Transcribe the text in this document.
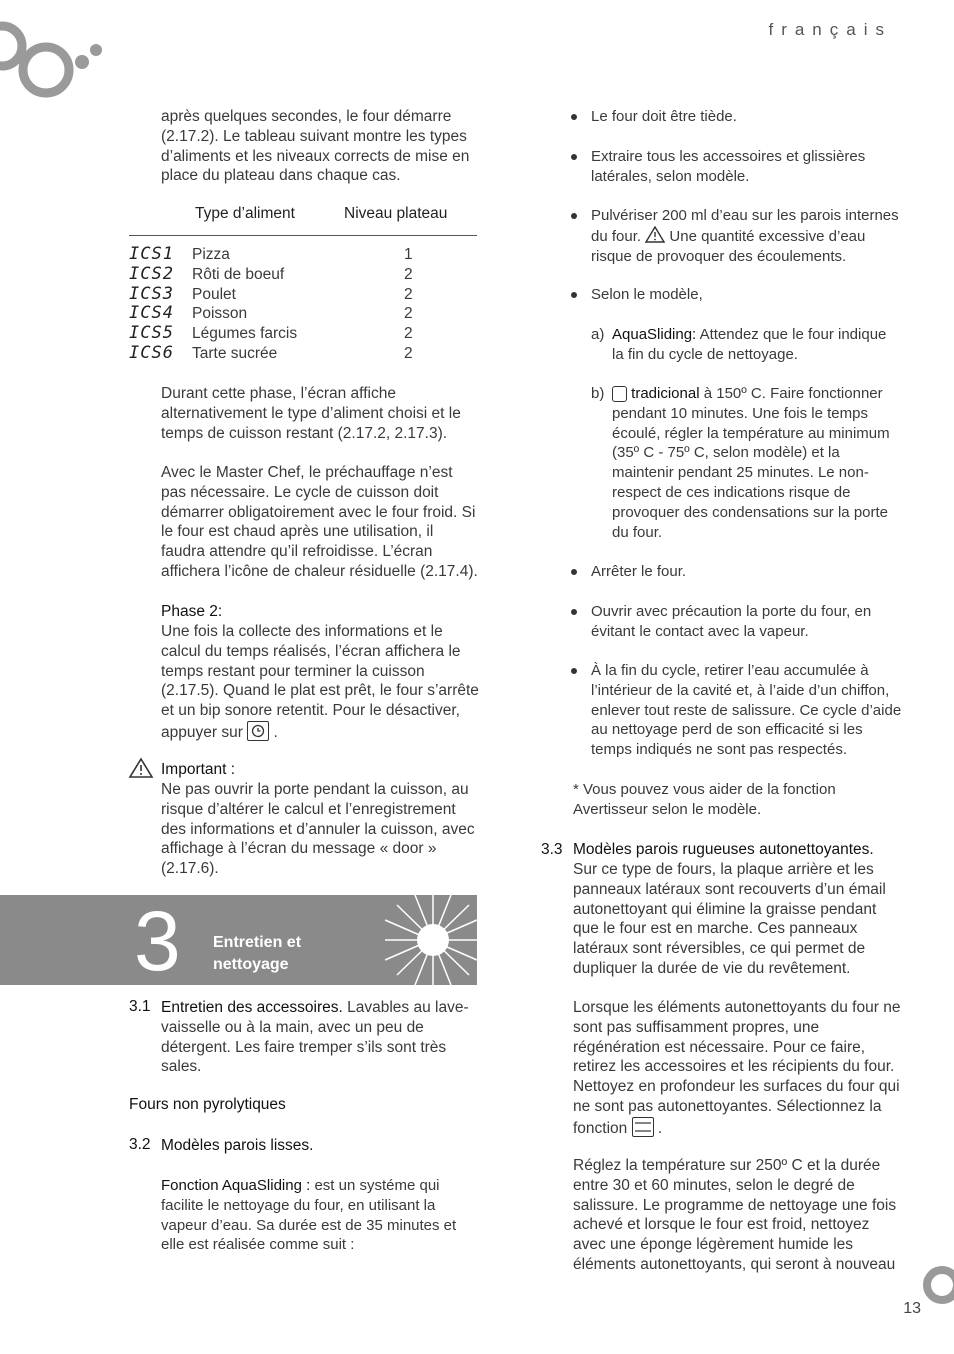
français
13

après quelques secondes, le four démarre (2.17.2). Le tableau suivant montre les types d’aliments et les niveaux corrects de mise en place du plateau dans chaque cas.

Type d’aliment	Niveau plateau
ICS1 Pizza	1
ICS2 Rôti de boeuf	2
ICS3 Poulet	2
ICS4 Poisson	2
ICS5 Légumes farcis	2
ICS6 Tarte sucrée	2

Durant cette phase, l’écran affiche alternativement le type d’aliment choisi et le temps de cuisson restant (2.17.2, 2.17.3).

Avec le Master Chef, le préchauffage n’est pas nécessaire. Le cycle de cuisson doit démarrer obligatoirement avec le four froid. Si le four est chaud après une utilisation, il faudra attendre qu’il refroidisse. L’écran affichera l’icône de chaleur résiduelle (2.17.4).

Phase 2:

Une fois la collecte des informations et le calcul du temps réalisés, l’écran affichera le temps restant pour terminer la cuisson (2.17.5). Quand le plat est prêt, le four s’arrête et un bip sonore retentit. Pour le désactiver, appuyer sur .

Important :

Ne pas ouvrir la porte pendant la cuisson, au risque d’altérer le calcul et l’enregistrement des informations et d’annuler la cuisson, avec affichage à l’écran du message « door » (2.17.6).

3 Entretien et
nettoyage
3.1 Entretien des accessoires. Lavables au lave-vaisselle ou à la main, avec un peu de détergent. Les faire tremper s’ils sont très sales.

Fours non pyrolytiques
3.2 Modèles parois lisses.

Fonction AquaSliding : est un systéme qui facilite le nettoyage du four, en utilisant la vapeur d’eau. Sa durée est de 35 minutes et elle est réalisée comme suit :

Le four doit être tiède.

Extraire tous les accessoires et glissières latérales, selon modèle.

Pulvériser 200 ml d’eau sur les parois internes du four. Une quantité excessive d’eau risque de provoquer des écoulements.

Selon le modèle,

a) AquaSliding: Attendez que le four indique la fin du cycle de nettoyage.

b)	tradicional à 150º C. Faire fonctionner pendant 10 minutes. Une fois le temps écoulé, régler la température au minimum (35º C - 75º C, selon modèle) et la maintenir pendant 25 minutes. Le non-respect de ces indications risque de provoquer des condensations sur la porte du four.

Arrêter le four.

Ouvrir avec précaution la porte du four, en évitant le contact avec la vapeur.

À la fin du cycle, retirer l’eau accumulée à l’intérieur de la cavité et, à l’aide d’un chiffon, enlever tout reste de salissure. Ce cycle d’aide au nettoyage perd de son efficacité si les temps indiqués ne sont pas respectés.

* Vous pouvez vous aider de la fonction Avertisseur selon le modèle.

3.3 Modèles parois rugueuses autonettoyantes.

Sur ce type de fours, la plaque arrière et les panneaux latéraux sont recouverts d’un émail autonettoyant qui élimine la graisse pendant que le four est en marche. Ces panneaux latéraux sont réversibles, ce qui permet de dupliquer la durée de vie du revêtement.

Lorsque les éléments autonettoyants du four ne sont pas suffisamment propres, une régénération est nécessaire. Pour ce faire, retirez les accessoires et les récipients du four. Nettoyez en profondeur les surfaces du four qui ne sont pas autonettoyantes. Sélectionnez la fonction .

Réglez la température sur 250º C et la durée entre 30 et 60 minutes, selon le degré de salissure. Le programme de nettoyage une fois achevé et lorsque le four est froid, nettoyez avec une éponge légèrement humide les éléments autonettoyants, qui seront à nouveau
